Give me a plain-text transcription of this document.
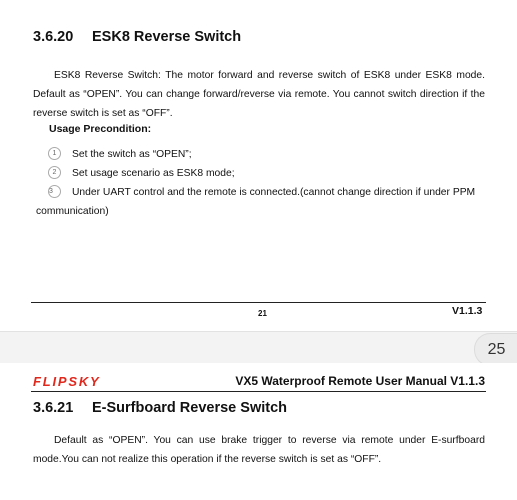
3.6.20 ESK8 Reverse Switch
ESK8 Reverse Switch: The motor forward and reverse switch of ESK8 under ESK8 mode. Default as “OPEN”. You can change forward/reverse via remote. You cannot switch direction if the reverse switch is set as “OFF”.
Usage Precondition:
1 Set the switch as “OPEN”;
2 Set usage scenario as ESK8 mode;
3 Under UART control and the remote is connected.(cannot change direction if under PPM
communication)
21	V1.1.3
25
FLIPSKY	VX5 Waterproof Remote User Manual V1.1.3
3.6.21 E-Surfboard Reverse Switch
Default as “OPEN”. You can use brake trigger to reverse via remote under E-surfboard mode.You can not realize this operation if the reverse switch is set as “OFF”.
